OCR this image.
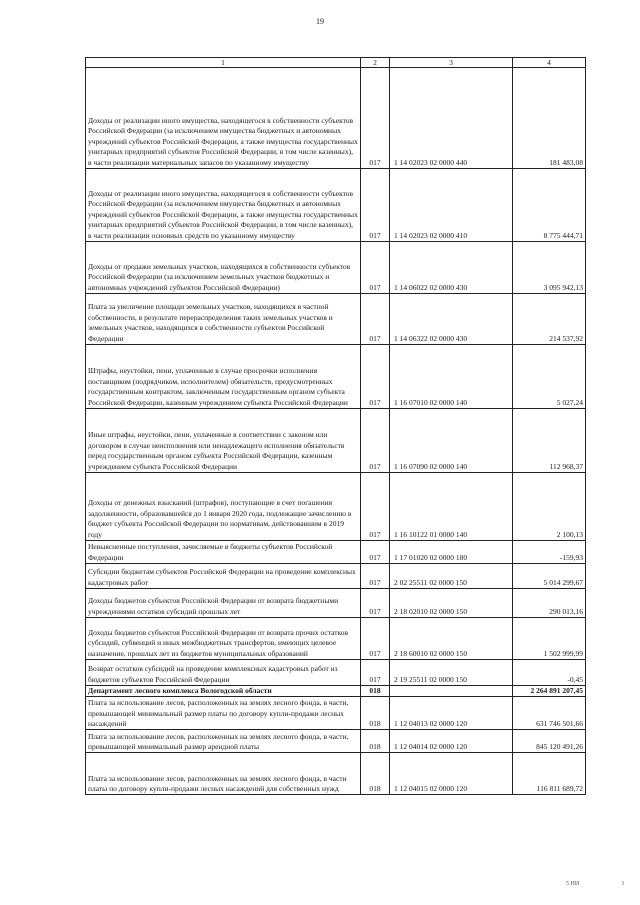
19
1	2	3	4
Доходы от реализации иного имущества, находящегося в собственности субъектов Российской Федерации (за исключением имущества бюджетных и автономных учреждений субъектов Российской Федерации, а также имущества государственных унитарных предприятий субъектов Российской Федерации, в том числе казенных), в части реализации материальных запасов по указанному имуществу	017	1 14 02023 02 0000 440	181 483,08
Доходы от реализации иного имущества, находящегося в собственности субъектов Российской Федерации (за исключением имущества бюджетных и автономных учреждений субъектов Российской Федерации, а также имущества государственных унитарных предприятий субъектов Российской Федерации, в том числе казенных), в части реализации основных средств по указанному имуществу	017	1 14 02023 02 0000 410	8 775 444,71
Доходы от продажи земельных участков, находящихся в собственности субъектов Российской Федерации (за исключением земельных участков бюджетных и автономных учреждений субъектов Российской Федерации)	017	1 14 06022 02 0000 430	3 095 942,13
Плата за увеличение площади земельных участков, находящихся в частной собственности, в результате перераспределения таких земельных участков и земельных участков, находящихся в собственности субъектов Российской Федерации	017	1 14 06322 02 0000 430	214 537,92
Штрафы, неустойки, пени, уплаченные в случае просрочки исполнения поставщиком (подрядчиком, исполнителем) обязательств, предусмотренных государственным контрактом, заключенным государственным органом субъекта Российской Федерации, казенным учреждением субъекта Российской Федерации	017	1 16 07010 02 0000 140	5 027,24
Иные штрафы, неустойки, пени, уплаченные в соответствии с законом или договором в случае неисполнения или ненадлежащего исполнения обязательств перед государственным органом субъекта Российской Федерации, казенным учреждением субъекта Российской Федерации	017	1 16 07090 02 0000 140	112 968,37
Доходы от денежных взысканий (штрафов), поступающие в счет погашения задолженности, образовавшейся до 1 января 2020 года, подлежащие зачислению в бюджет субъекта Российской Федерации по нормативам, действовавшим в 2019 году	017	1 16 10122 01 0000 140	2 100,13
Невыясненные поступления, зачисляемые в бюджеты субъектов Российской Федерации	017	1 17 01020 02 0000 180	-159,93
Субсидии бюджетам субъектов Российской Федерации на проведение комплексных кадастровых работ	017	2 02 25511 02 0000 150	5 014 299,67
Доходы бюджетов субъектов Российской Федерации от возврата бюджетными учреждениями остатков субсидий прошлых лет	017	2 18 02010 02 0000 150	290 013,16
Доходы бюджетов субъектов Российской Федерации от возврата прочих остатков субсидий, субвенций и иных межбюджетных трансфертов, имеющих целевое назначение, прошлых лет из бюджетов муниципальных образований	017	2 18 60010 02 0000 150	1 502 999,99
Возврат остатков субсидий на проведение комплексных кадастровых работ из бюджетов субъектов Российской Федерации	017	2 19 25511 02 0000 150	-0,45
Департамент лесного комплекса Вологодской области	018		2 264 891 207,45
Плата за использование лесов, расположенных на землях лесного фонда, в части, превышающей минимальный размер платы по договору купли-продажи лесных насаждений	018	1 12 04013 02 0000 120	631 746 501,66
Плата за использование лесов, расположенных на землях лесного фонда, в части, превышающей минимальный размер арендной платы	018	1 12 04014 02 0000 120	845 120 491,26
Плата за использование лесов, расположенных на землях лесного фонда, в части платы по договору купли-продажи лесных насаждений для собственных нужд	018	1 12 04015 02 0000 120	116 811 689,72
5 НИ	I
